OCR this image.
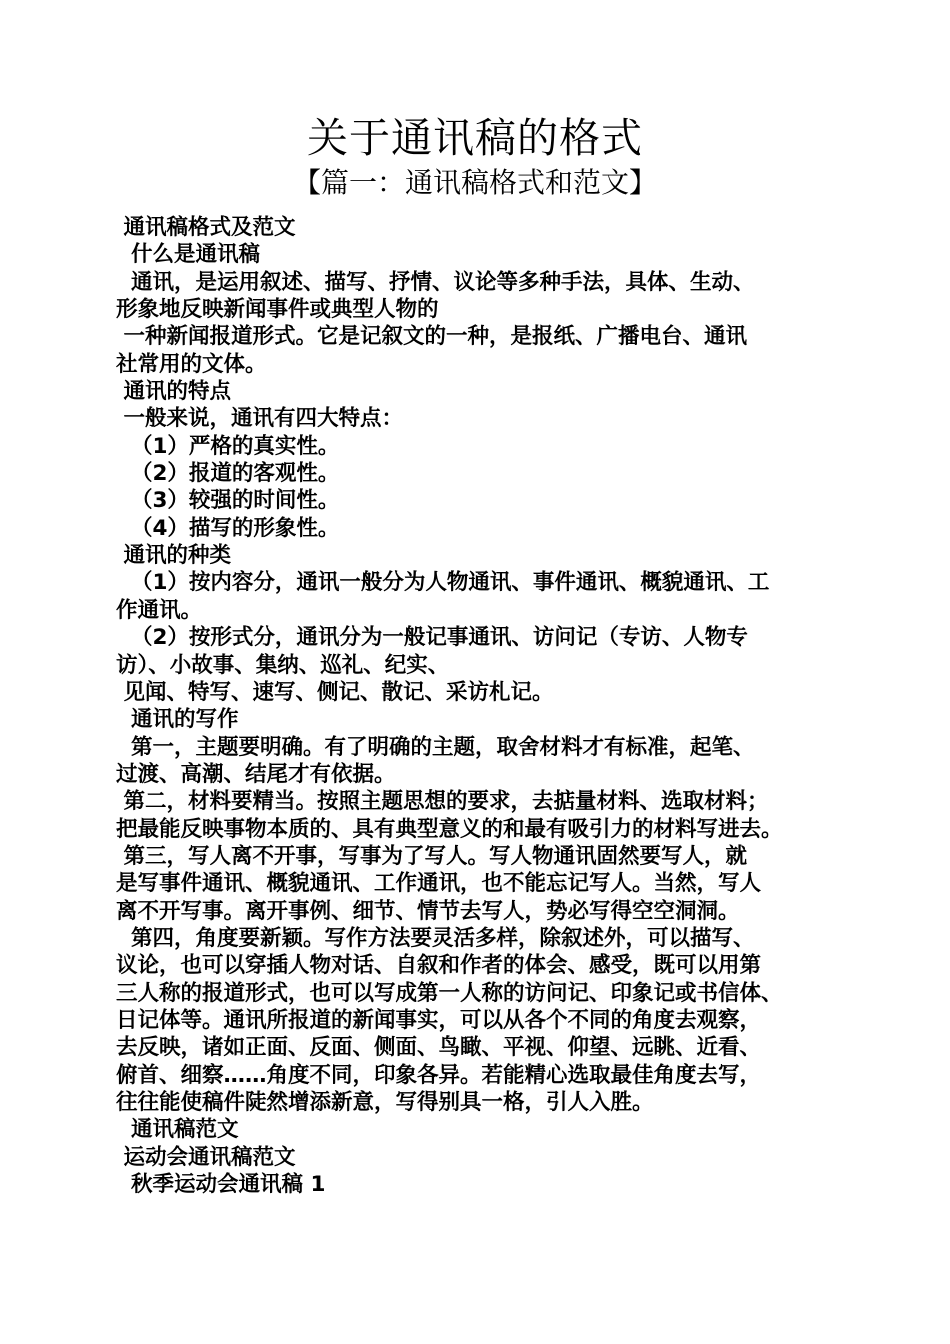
关于通讯稿的格式
【篇一：通讯稿格式和范文】
通讯稿格式及范文
什么是通讯稿
通讯，是运用叙述、描写、抒情、议论等多种手法，具体、生动、
形象地反映新闻事件或典型人物的
一种新闻报道形式。它是记叙文的一种，是报纸、广播电台、通讯
社常用的文体。
通讯的特点
一般来说，通讯有四大特点：
（1）严格的真实性。
（2）报道的客观性。
（3）较强的时间性。
（4）描写的形象性。
通讯的种类
（1）按内容分，通讯一般分为人物通讯、事件通讯、概貌通讯、工
作通讯。
（2）按形式分，通讯分为一般记事通讯、访问记（专访、人物专
访）、小故事、集纳、巡礼、纪实、
见闻、特写、速写、侧记、散记、采访札记。
通讯的写作
第一，主题要明确。有了明确的主题，取舍材料才有标准，起笔、
过渡、高潮、结尾才有依据。
第二，材料要精当。按照主题思想的要求，去掂量材料、选取材料；
把最能反映事物本质的、具有典型意义的和最有吸引力的材料写进去。
第三，写人离不开事，写事为了写人。写人物通讯固然要写人，就
是写事件通讯、概貌通讯、工作通讯，也不能忘记写人。当然，写人
离不开写事。离开事例、细节、情节去写人，势必写得空空洞洞。
第四，角度要新颖。写作方法要灵活多样，除叙述外，可以描写、
议论，也可以穿插人物对话、自叙和作者的体会、感受，既可以用第
三人称的报道形式，也可以写成第一人称的访问记、印象记或书信体、
日记体等。通讯所报道的新闻事实，可以从各个不同的角度去观察，
去反映，诸如正面、反面、侧面、鸟瞰、平视、仰望、远眺、近看、
俯首、细察……角度不同，印象各异。若能精心选取最佳角度去写，
往往能使稿件陡然增添新意，写得别具一格，引人入胜。
通讯稿范文
运动会通讯稿范文
秋季运动会通讯稿 1
